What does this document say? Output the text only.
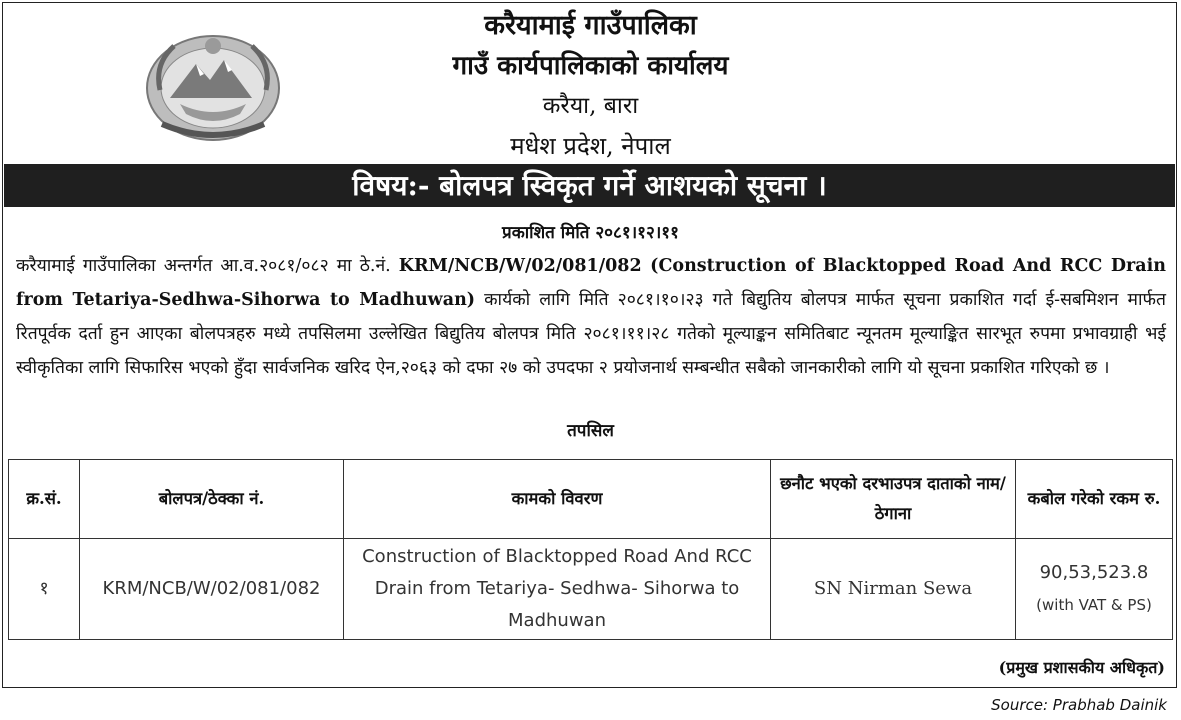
करैयामाई गाउँपालिका
गाउँ कार्यपालिकाको कार्यालय
करैया, बारा
मधेश प्रदेश, नेपाल
विषय:- बोलपत्र स्विकृत गर्ने आशयको सूचना ।
प्रकाशित मिति २०८१।१२।११
करैयामाई गाउँपालिका अन्तर्गत आ.व.२०८१/०८२ मा ठे.नं. KRM/NCB/W/02/081/082 (Construction of Blacktopped Road And RCC Drain from Tetariya-Sedhwa-Sihorwa to Madhuwan) कार्यको लागि मिति २०८१।१०।२३ गते बिद्युतिय बोलपत्र मार्फत सूचना प्रकाशित गर्दा ई-सबमिशन मार्फत रितपूर्वक दर्ता हुन आएका बोलपत्रहरु मध्ये तपसिलमा उल्लेखित बिद्युतिय बोलपत्र मिति २०८१।११।२८ गतेको मूल्याङ्कन समितिबाट न्यूनतम मूल्याङ्कित सारभूत रुपमा प्रभावग्राही भई स्वीकृतिका लागि सिफारिस भएको हुँदा सार्वजनिक खरिद ऐन,२०६३ को दफा २७ को उपदफा २ प्रयोजनार्थ सम्बन्धीत सबैको जानकारीको लागि यो सूचना प्रकाशित गरिएको छ ।
तपसिल
क्र.सं.	बोलपत्र/ठेक्का नं.	कामको विवरण	छनौट भएको दरभाउपत्र दाताको नाम/ठेगाना	कबोल गरेको रकम रु.
१	KRM/NCB/W/02/081/082	Construction of Blacktopped Road And RCC Drain from Tetariya- Sedhwa- Sihorwa to Madhuwan	SN Nirman Sewa	90,53,523.8
(with VAT & PS)
(प्रमुख प्रशासकीय अधिकृत)
Source: Prabhab Dainik
